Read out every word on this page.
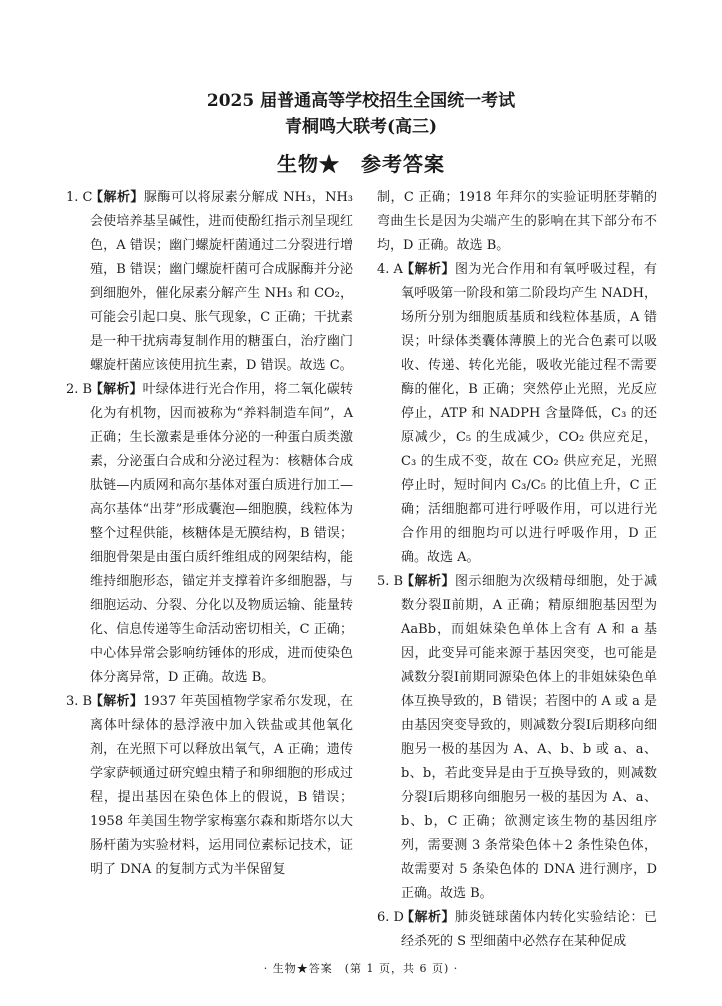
2025 届普通高等学校招生全国统一考试
青桐鸣大联考(高三)
生物★　参考答案
1. C
【解析】脲酶可以将尿素分解成 NH₃，NH₃ 会使培养基呈碱性，进而使酚红指示剂呈现红色，A 错误；幽门螺旋杆菌通过二分裂进行增殖，B 错误；幽门螺旋杆菌可合成脲酶并分泌到细胞外，催化尿素分解产生 NH₃ 和 CO₂，可能会引起口臭、胀气现象，C 正确；干扰素是一种干扰病毒复制作用的糖蛋白，治疗幽门螺旋杆菌应该使用抗生素，D 错误。故选 C。
2. B
【解析】叶绿体进行光合作用，将二氧化碳转化为有机物，因而被称为“养料制造车间”，A 正确；生长激素是垂体分泌的一种蛋白质类激素，分泌蛋白合成和分泌过程为：核糖体合成肽链—内质网和高尔基体对蛋白质进行加工—高尔基体“出芽”形成囊泡—细胞膜，线粒体为整个过程供能，核糖体是无膜结构，B 错误；细胞骨架是由蛋白质纤维组成的网架结构，能维持细胞形态，锚定并支撑着许多细胞器，与细胞运动、分裂、分化以及物质运输、能量转化、信息传递等生命活动密切相关，C 正确；中心体异常会影响纺锤体的形成，进而使染色体分离异常，D 正确。故选 B。
3. B
【解析】1937 年英国植物学家希尔发现，在离体叶绿体的悬浮液中加入铁盐或其他氧化剂，在光照下可以释放出氧气，A 正确；遗传学家萨顿通过研究蝗虫精子和卵细胞的形成过程，提出基因在染色体上的假说，B 错误；1958 年美国生物学家梅塞尔森和斯塔尔以大肠杆菌为实验材料，运用同位素标记技术，证明了 DNA 的复制方式为半保留复
制，C 正确；1918 年拜尔的实验证明胚芽鞘的弯曲生长是因为尖端产生的影响在其下部分布不均，D 正确。故选 B。
4. A
【解析】图为光合作用和有氧呼吸过程，有氧呼吸第一阶段和第二阶段均产生 NADH，场所分别为细胞质基质和线粒体基质，A 错误；叶绿体类囊体薄膜上的光合色素可以吸收、传递、转化光能，吸收光能过程不需要酶的催化，B 正确；突然停止光照，光反应停止，ATP 和 NADPH 含量降低，C₃ 的还原减少，C₅ 的生成减少，CO₂ 供应充足，C₃ 的生成不变，故在 CO₂ 供应充足，光照停止时，短时间内 C₃/C₅ 的比值上升，C 正确；活细胞都可进行呼吸作用，可以进行光合作用的细胞均可以进行呼吸作用，D 正确。故选 A。
5. B
【解析】图示细胞为次级精母细胞，处于减数分裂Ⅱ前期，A 正确；精原细胞基因型为 AaBb，而姐妹染色单体上含有 A 和 a 基因，此变异可能来源于基因突变，也可能是减数分裂Ⅰ前期同源染色体上的非姐妹染色单体互换导致的，B 错误；若图中的 A 或 a 是由基因突变导致的，则减数分裂Ⅰ后期移向细胞另一极的基因为 A、A、b、b 或 a、a、b、b，若此变异是由于互换导致的，则减数分裂Ⅰ后期移向细胞另一极的基因为 A、a、b、b，C 正确；欲测定该生物的基因组序列，需要测 3 条常染色体＋2 条性染色体，故需要对 5 条染色体的 DNA 进行测序，D 正确。故选 B。
6. D
【解析】肺炎链球菌体内转化实验结论：已经杀死的 S 型细菌中必然存在某种促成
· 生物★答案　(第 1 页，共 6 页) ·
